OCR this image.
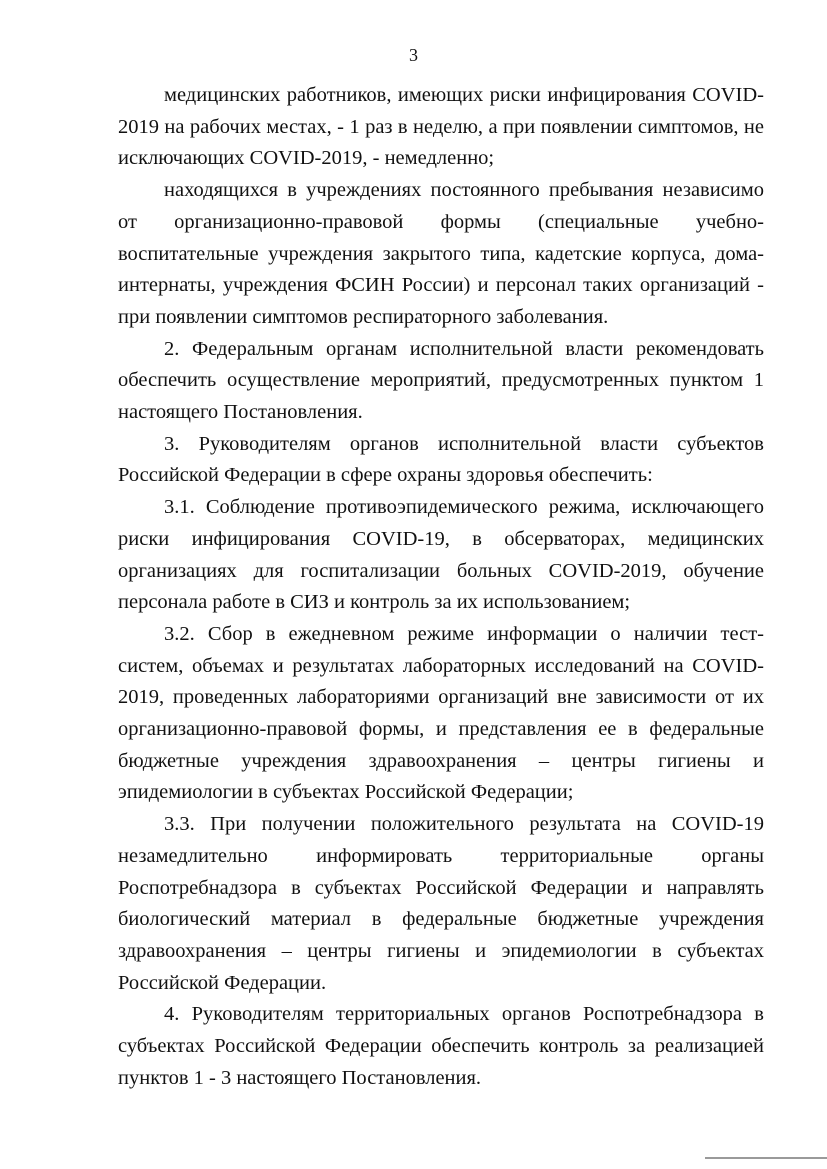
3

медицинских работников, имеющих риски инфицирования COVID-2019 на рабочих местах, - 1 раз в неделю, а при появлении симптомов, не исключающих COVID-2019, - немедленно;

находящихся в учреждениях постоянного пребывания независимо от организационно-правовой формы (специальные учебно-воспитательные учреждения закрытого типа, кадетские корпуса, дома-интернаты, учреждения ФСИН России) и персонал таких организаций - при появлении симптомов респираторного заболевания.

2. Федеральным органам исполнительной власти рекомендовать обеспечить осуществление мероприятий, предусмотренных пунктом 1 настоящего Постановления.

3. Руководителям органов исполнительной власти субъектов Российской Федерации в сфере охраны здоровья обеспечить:

3.1. Соблюдение противоэпидемического режима, исключающего риски инфицирования COVID-19, в обсерваторах, медицинских организациях для госпитализации больных COVID-2019, обучение персонала работе в СИЗ и контроль за их использованием;

3.2. Сбор в ежедневном режиме информации о наличии тест-систем, объемах и результатах лабораторных исследований на COVID-2019, проведенных лабораториями организаций вне зависимости от их организационно-правовой формы, и представления ее в федеральные бюджетные учреждения здравоохранения – центры гигиены и эпидемиологии в субъектах Российской Федерации;

3.3. При получении положительного результата на COVID-19 незамедлительно информировать территориальные органы Роспотребнадзора в субъектах Российской Федерации и направлять биологический материал в федеральные бюджетные учреждения здравоохранения – центры гигиены и эпидемиологии в субъектах Российской Федерации.

4. Руководителям территориальных органов Роспотребнадзора в субъектах Российской Федерации обеспечить контроль за реализацией пунктов 1 - 3 настоящего Постановления.
